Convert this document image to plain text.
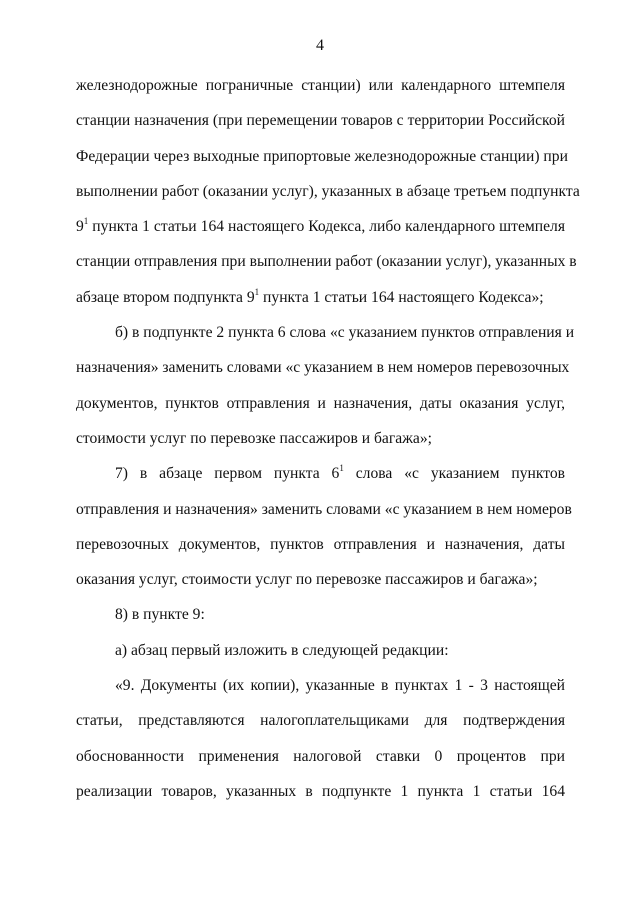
4
железнодорожные пограничные станции) или календарного штемпеля
станции назначения (при перемещении товаров с территории Российской
Федерации через выходные припортовые железнодорожные станции) при
выполнении работ (оказании услуг), указанных в абзаце третьем подпункта
$9^1$ пункта 1 статьи 164 настоящего Кодекса, либо календарного штемпеля
станции отправления при выполнении работ (оказании услуг), указанных в
абзаце втором подпункта $9^1$ пункта 1 статьи 164 настоящего Кодекса»;
б) в подпункте 2 пункта 6 слова «с указанием пунктов отправления и
назначения» заменить словами «с указанием в нем номеров перевозочных
документов, пунктов отправления и назначения, даты оказания услуг,
стоимости услуг по перевозке пассажиров и багажа»;
7) в абзаце первом пункта $6^1$ слова «с указанием пунктов
отправления и назначения» заменить словами «с указанием в нем номеров
перевозочных документов, пунктов отправления и назначения, даты
оказания услуг, стоимости услуг по перевозке пассажиров и багажа»;
8) в пункте 9:
а) абзац первый изложить в следующей редакции:
«9. Документы (их копии), указанные в пунктах 1 - 3 настоящей
статьи, представляются налогоплательщиками для подтверждения
обоснованности применения налоговой ставки 0 процентов при
реализации товаров, указанных в подпункте 1 пункта 1 статьи 164
